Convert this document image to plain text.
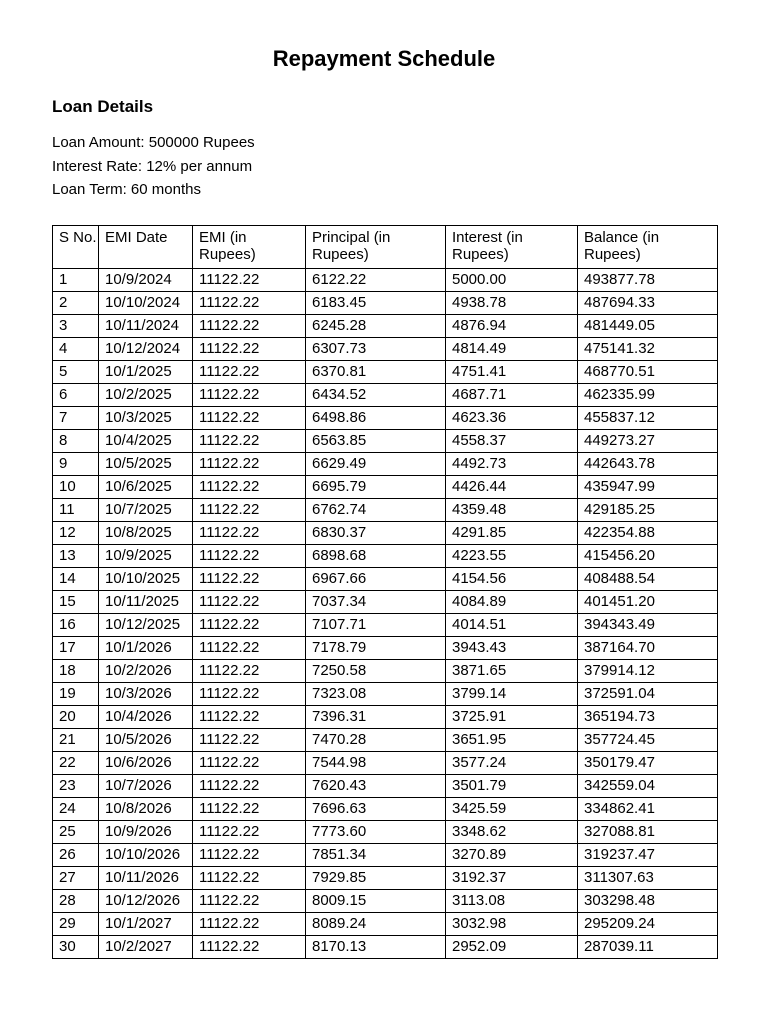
Repayment Schedule
Loan Details
Loan Amount: 500000 Rupees
Interest Rate: 12% per annum
Loan Term: 60 months
S No.	EMI Date	EMI (in Rupees)	Principal (in Rupees)	Interest (in Rupees)	Balance (in Rupees)
1	10/9/2024	11122.22	6122.22	5000.00	493877.78
2	10/10/2024	11122.22	6183.45	4938.78	487694.33
3	10/11/2024	11122.22	6245.28	4876.94	481449.05
4	10/12/2024	11122.22	6307.73	4814.49	475141.32
5	10/1/2025	11122.22	6370.81	4751.41	468770.51
6	10/2/2025	11122.22	6434.52	4687.71	462335.99
7	10/3/2025	11122.22	6498.86	4623.36	455837.12
8	10/4/2025	11122.22	6563.85	4558.37	449273.27
9	10/5/2025	11122.22	6629.49	4492.73	442643.78
10	10/6/2025	11122.22	6695.79	4426.44	435947.99
11	10/7/2025	11122.22	6762.74	4359.48	429185.25
12	10/8/2025	11122.22	6830.37	4291.85	422354.88
13	10/9/2025	11122.22	6898.68	4223.55	415456.20
14	10/10/2025	11122.22	6967.66	4154.56	408488.54
15	10/11/2025	11122.22	7037.34	4084.89	401451.20
16	10/12/2025	11122.22	7107.71	4014.51	394343.49
17	10/1/2026	11122.22	7178.79	3943.43	387164.70
18	10/2/2026	11122.22	7250.58	3871.65	379914.12
19	10/3/2026	11122.22	7323.08	3799.14	372591.04
20	10/4/2026	11122.22	7396.31	3725.91	365194.73
21	10/5/2026	11122.22	7470.28	3651.95	357724.45
22	10/6/2026	11122.22	7544.98	3577.24	350179.47
23	10/7/2026	11122.22	7620.43	3501.79	342559.04
24	10/8/2026	11122.22	7696.63	3425.59	334862.41
25	10/9/2026	11122.22	7773.60	3348.62	327088.81
26	10/10/2026	11122.22	7851.34	3270.89	319237.47
27	10/11/2026	11122.22	7929.85	3192.37	311307.63
28	10/12/2026	11122.22	8009.15	3113.08	303298.48
29	10/1/2027	11122.22	8089.24	3032.98	295209.24
30	10/2/2027	11122.22	8170.13	2952.09	287039.11
